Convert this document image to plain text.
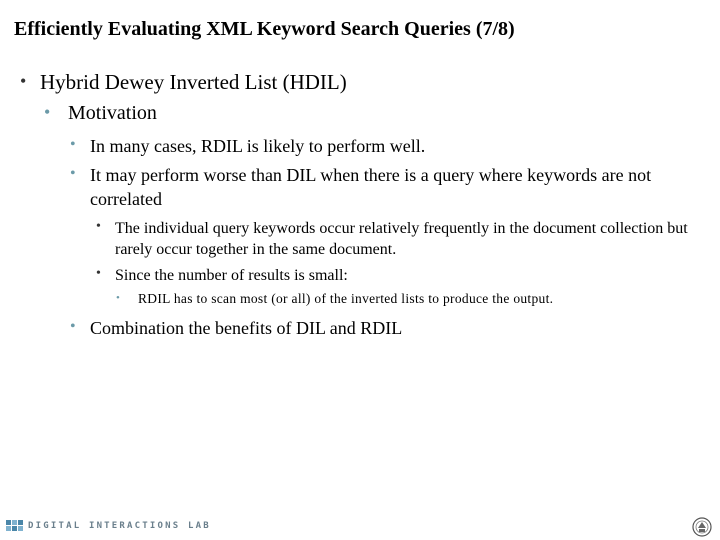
Efficiently Evaluating XML Keyword Search Queries (7/8)
• Hybrid Dewey Inverted List (HDIL)
• Motivation
• In many cases, RDIL is likely to perform well.
• It may perform worse than DIL when there is a query where keywords are not correlated
• The individual query keywords occur relatively frequently in the document collection but rarely occur together in the same document.
• Since the number of results is small:
•	RDIL has to scan most (or all) of the inverted lists to produce the output.
• Combination the benefits of DIL and RDIL
DIGITAL INTERACTIONS LAB
